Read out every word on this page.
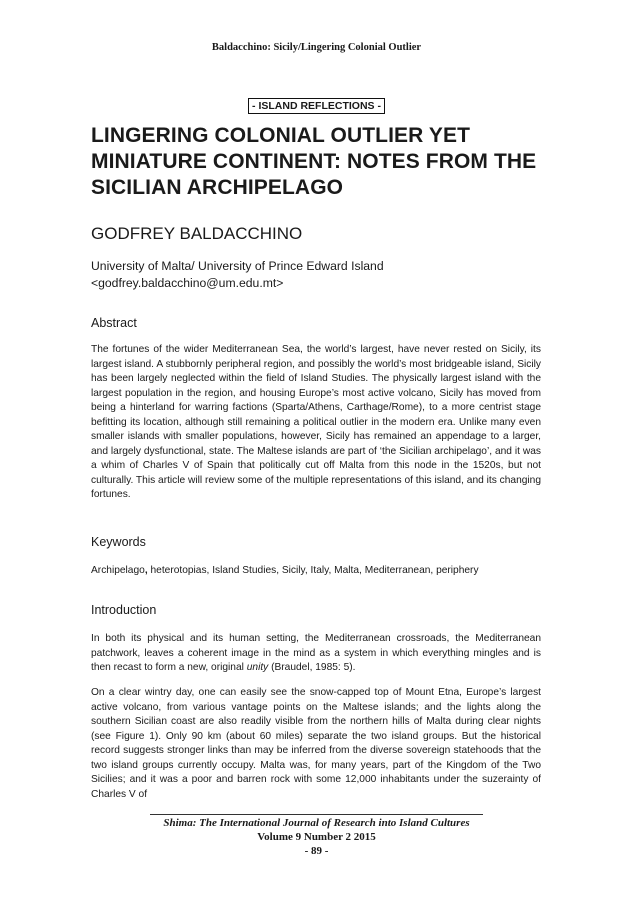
Baldacchino: Sicily/Lingering Colonial Outlier
- ISLAND REFLECTIONS -
LINGERING COLONIAL OUTLIER YET MINIATURE CONTINENT: NOTES FROM THE SICILIAN ARCHIPELAGO
GODFREY BALDACCHINO
University of Malta/ University of Prince Edward Island
<godfrey.baldacchino@um.edu.mt>
Abstract

The fortunes of the wider Mediterranean Sea, the world’s largest, have never rested on Sicily, its largest island. A stubbornly peripheral region, and possibly the world’s most bridgeable island, Sicily has been largely neglected within the field of Island Studies. The physically largest island with the largest population in the region, and housing Europe’s most active volcano, Sicily has moved from being a hinterland for warring factions (Sparta/Athens, Carthage/Rome), to a more centrist stage befitting its location, although still remaining a political outlier in the modern era. Unlike many even smaller islands with smaller populations, however, Sicily has remained an appendage to a larger, and largely dysfunctional, state. The Maltese islands are part of ‘the Sicilian archipelago’, and it was a whim of Charles V of Spain that politically cut off Malta from this node in the 1520s, but not culturally. This article will review some of the multiple representations of this island, and its changing fortunes.

Keywords

Archipelago, heterotopias, Island Studies, Sicily, Italy, Malta, Mediterranean, periphery

Introduction

In both its physical and its human setting, the Mediterranean crossroads, the Mediterranean patchwork, leaves a coherent image in the mind as a system in which everything mingles and is then recast to form a new, original unity (Braudel, 1985: 5).

On a clear wintry day, one can easily see the snow-capped top of Mount Etna, Europe’s largest active volcano, from various vantage points on the Maltese islands; and the lights along the southern Sicilian coast are also readily visible from the northern hills of Malta during clear nights (see Figure 1). Only 90 km (about 60 miles) separate the two island groups. But the historical record suggests stronger links than may be inferred from the diverse sovereign statehoods that the two island groups currently occupy. Malta was, for many years, part of the Kingdom of the Two Sicilies; and it was a poor and barren rock with some 12,000 inhabitants under the suzerainty of Charles V of

Shima: The International Journal of Research into Island Cultures
Volume 9 Number 2 2015
- 89 -
